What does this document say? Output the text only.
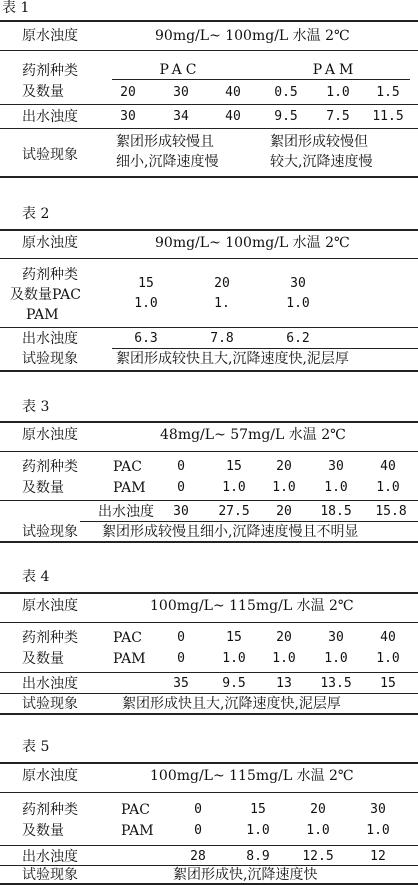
表 1
原水浊度	90mg/L~ 100mg/L 水温 2℃
药剂种类
及数量
PAC	PAM
20	30	40	0.5 1.0 1.5
出水浊度	30	34	40	9.5 7.5 11.5
试验现象
絮团形成较慢且
细小,沉降速度慢
絮团形成较慢但
较大,沉降速度慢
表 2
原水浊度	90mg/L~ 100mg/L 水温 2℃
药剂种类
及数量PAC
PAM
15	20	30
1.0	1.	1.0
出水浊度	6.3	7.8	6.2
试验现象	絮团形成较快且大,沉降速度快,泥层厚
表 3
原水浊度	48mg/L~ 57mg/L 水温 2℃
药剂种类
及数量
PAC
PAM
0	15	20	30	40
0	1.0 1.0 1.0 1.0
出水浊度 30 27.5 20 18.5 15.8
试验现象 絮团形成较慢且细小,沉降速度慢且不明显
表 4
原水浊度	100mg/L~ 115mg/L 水温 2℃
药剂种类
及数量
PAC
PAM
0	15	20	30	40
0	1.0 1.0 1.0 1.0
出水浊度	35	9.5 13 13.5 15
试验现象	絮团形成快且大,沉降速度快,泥层厚
表 5
原水浊度	100mg/L~ 115mg/L 水温 2℃
药剂种类
及数量
PAC
PAM
0	15	20	30
0	1.0	1.0	1.0
出水浊度	28	8.9	12.5	12
试验现象	絮团形成快,沉降速度快
